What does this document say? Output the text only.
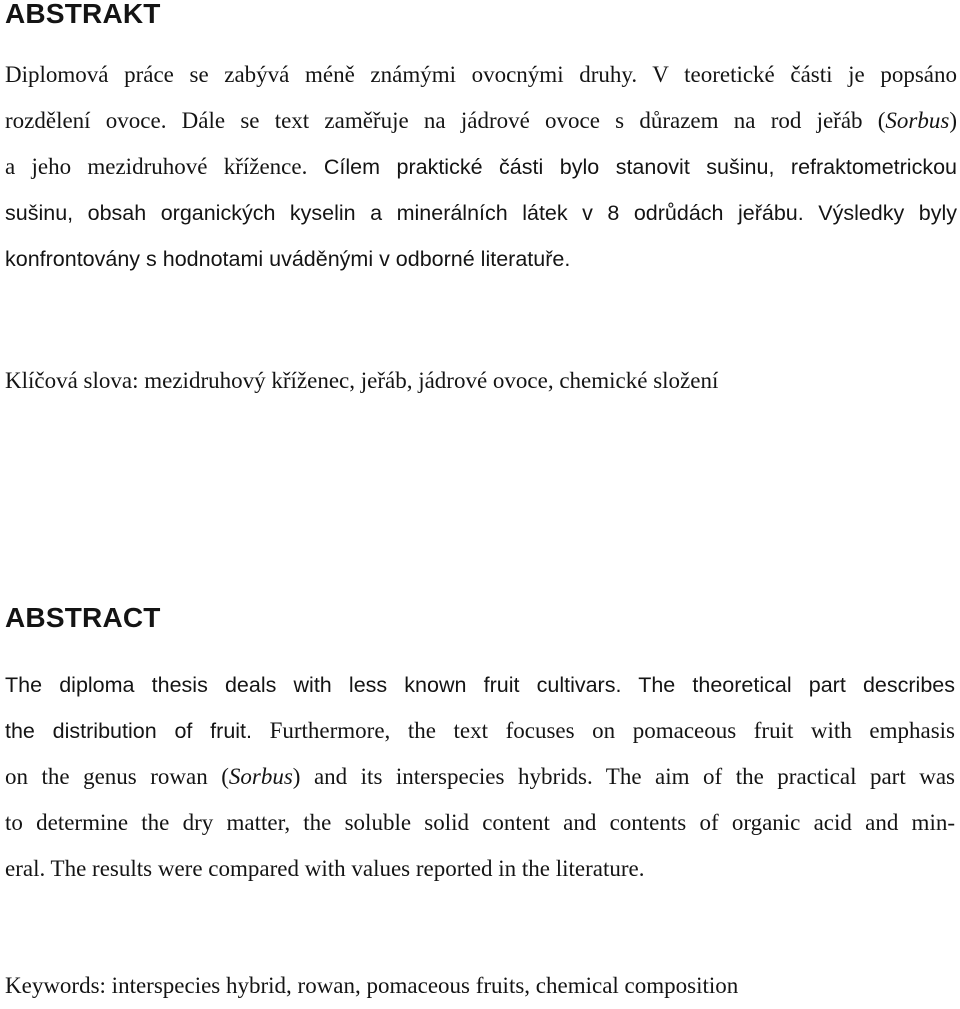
ABSTRAKT

Diplomová práce se zabývá méně známými ovocnými druhy. V teoretické části je popsáno

rozdělení ovoce. Dále se text zaměřuje na jádrové ovoce s důrazem na rod jeřáb (Sorbus)

a jeho mezidruhové křížence. Cílem praktické části bylo stanovit sušinu, refraktometrickou

sušinu, obsah organických kyselin a minerálních látek v 8 odrůdách jeřábu. Výsledky byly

konfrontovány s hodnotami uváděnými v odborné literatuře.

Klíčová slova: mezidruhový kříženec, jeřáb, jádrové ovoce, chemické složení

ABSTRACT

The diploma thesis deals with less known fruit cultivars. The theoretical part describes

the distribution of fruit. Furthermore, the text focuses on pomaceous fruit with emphasis

on the genus rowan (Sorbus) and its interspecies hybrids. The aim of the practical part was

to determine the dry matter, the soluble solid content and contents of organic acid and min-

eral. The results were compared with values reported in the literature.

Keywords: interspecies hybrid, rowan, pomaceous fruits, chemical composition
